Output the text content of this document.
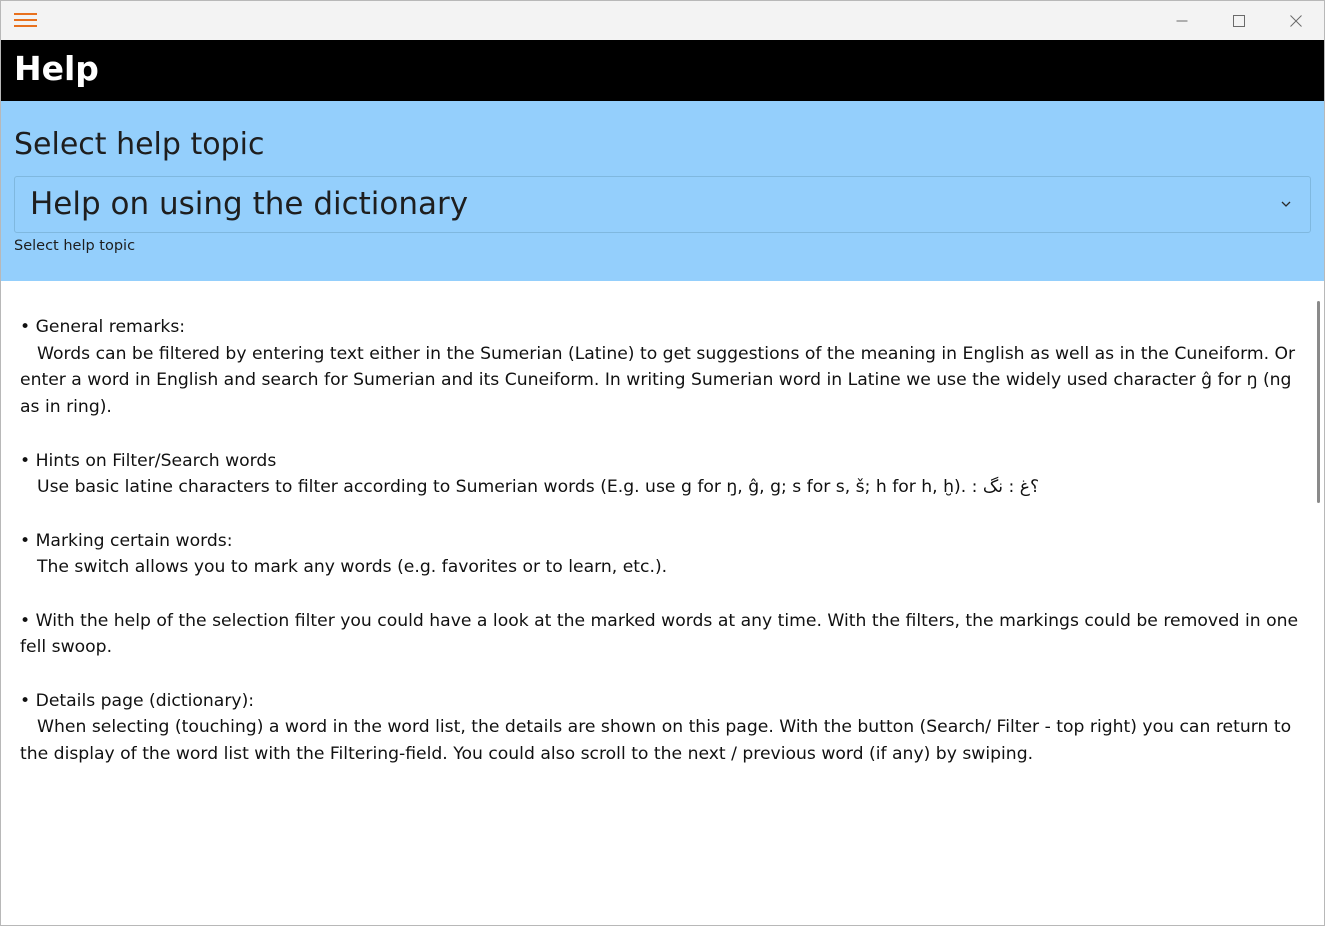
Help
Select help topic
Help on using the dictionary
Select help topic

• General remarks:

Words can be filtered by entering text either in the Sumerian (Latine) to get suggestions of the meaning in English as well as in the Cuneiform. Or enter a word in English and search for Sumerian and its Cuneiform. In writing Sumerian word in Latine we use the widely used character ĝ for ŋ (ng as in ring).

• Hints on Filter/Search words

Use basic latine characters to filter according to Sumerian words (E.g. use g for ŋ, ĝ, g; s for s, š; h for h, ḫ). : ؟غ : نگ

• Marking certain words:

The switch allows you to mark any words (e.g. favorites or to learn, etc.).

• With the help of the selection filter you could have a look at the marked words at any time. With the filters, the markings could be removed in one fell swoop.

• Details page (dictionary):

When selecting (touching) a word in the word list, the details are shown on this page. With the button (Search/ Filter - top right) you can return to the display of the word list with the Filtering-field. You could also scroll to the next / previous word (if any) by swiping.
